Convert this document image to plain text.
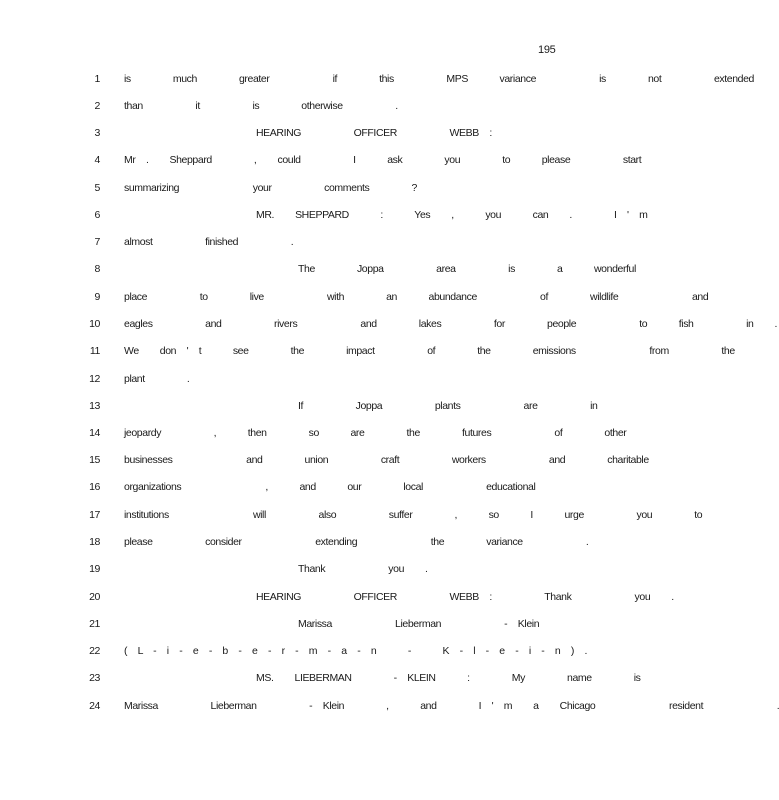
195
1 is    much    greater      if    this     MPS   variance      is    not     extended
2 than     it     is    otherwise     .
3	HEARING     OFFICER     WEBB :
4 Mr .  Sheppard    ,  could     I   ask    you    to   please     start
5 summarizing       your     comments    ?
6	MR.  SHEPPARD   :   Yes  ,   you   can  .    I ' m
7 almost     finished     .
8	The    Joppa     area     is    a   wonderful
9 place     to    live      with    an   abundance      of    wildlife       and
10 eagles     and     rivers      and    lakes     for    people      to   fish     in  .
11 We  don ' t   see    the    impact     of    the    emissions       from     the
12 plant    .
13	If     Joppa     plants      are     in
14 jeopardy     ,   then    so   are    the    futures      of    other
15 businesses       and    union     craft     workers      and    charitable
16 organizations        ,   and   our    local      educational
17 institutions        will     also     suffer    ,   so   I   urge     you    to
18 please     consider       extending       the    variance      .
19	Thank      you  .
20	HEARING     OFFICER     WEBB :     Thank      you  .
21	Marissa      Lieberman      - Klein
22 ( L - i - e - b - e - r - m - a - n   -   K - l - e - i - n ) .
23	MS.  LIEBERMAN    - KLEIN   :    My    name    is
24 Marissa     Lieberman     - Klein    ,   and    I ' m  a  Chicago       resident       .
